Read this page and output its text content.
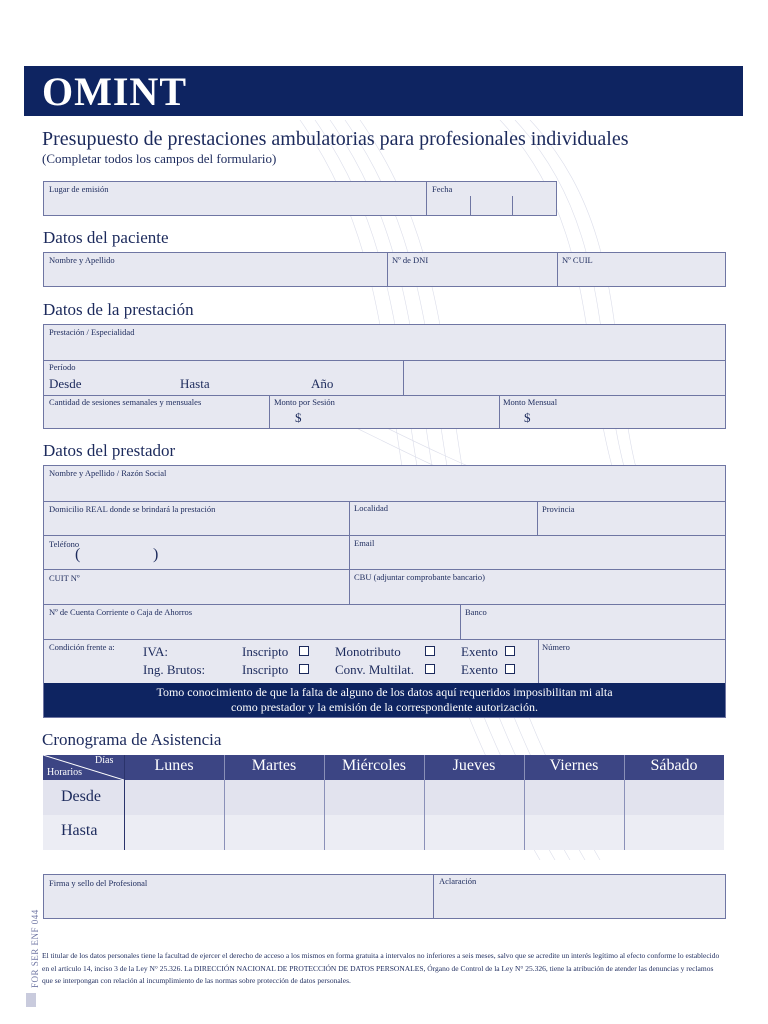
OMINT
Presupuesto de prestaciones ambulatorias para profesionales individuales
(Completar todos los campos del formulario)
Lugar de emisión	Fecha
Datos del paciente
Nombre y Apellido	Nº de DNI	Nº CUIL
Datos de la prestación
Prestación / Especialidad
Período
Desde	Hasta	Año
Cantidad de sesiones semanales y mensuales	Monto por Sesión	Monto Mensual
$	$
Datos del prestador
Nombre y Apellido / Razón Social
Domicilio REAL donde se brindará la prestación	Localidad	Provincia
Teléfono
(	)
Email
CUIT Nº	CBU (adjuntar comprobante bancario)
Nº de Cuenta Corriente o Caja de Ahorros	Banco
Condición frente a: IVA:
Ing. Brutos:
Inscripto	Monotributo	Exento
Inscripto	Conv. Multilat.	Exento
Número
Tomo conocimiento de que la falta de alguno de los datos aquí requeridos imposibilitan mi alta
como prestador y la emisión de la correspondiente autorización.
Cronograma de Asistencia
Días
Horarios	Lunes	Martes	Miércoles	Jueves	Viernes	Sábado
Desde
Hasta
Firma y sello del Profesional	Aclaración
El titular de los datos personales tiene la facultad de ejercer el derecho de acceso a los mismos en forma gratuita a intervalos no inferiores a seis meses, salvo que se acredite un interés legítimo al efecto conforme lo establecido en el artículo 14, inciso 3 de la Ley N° 25.326. La DIRECCIÓN NACIONAL DE PROTECCIÓN DE DATOS PERSONALES, Órgano de Control de la Ley N° 25.326, tiene la atribución de atender las denuncias y reclamos que se interpongan con relación al incumplimiento de las normas sobre protección de datos personales.
FOR SER ENF 044
